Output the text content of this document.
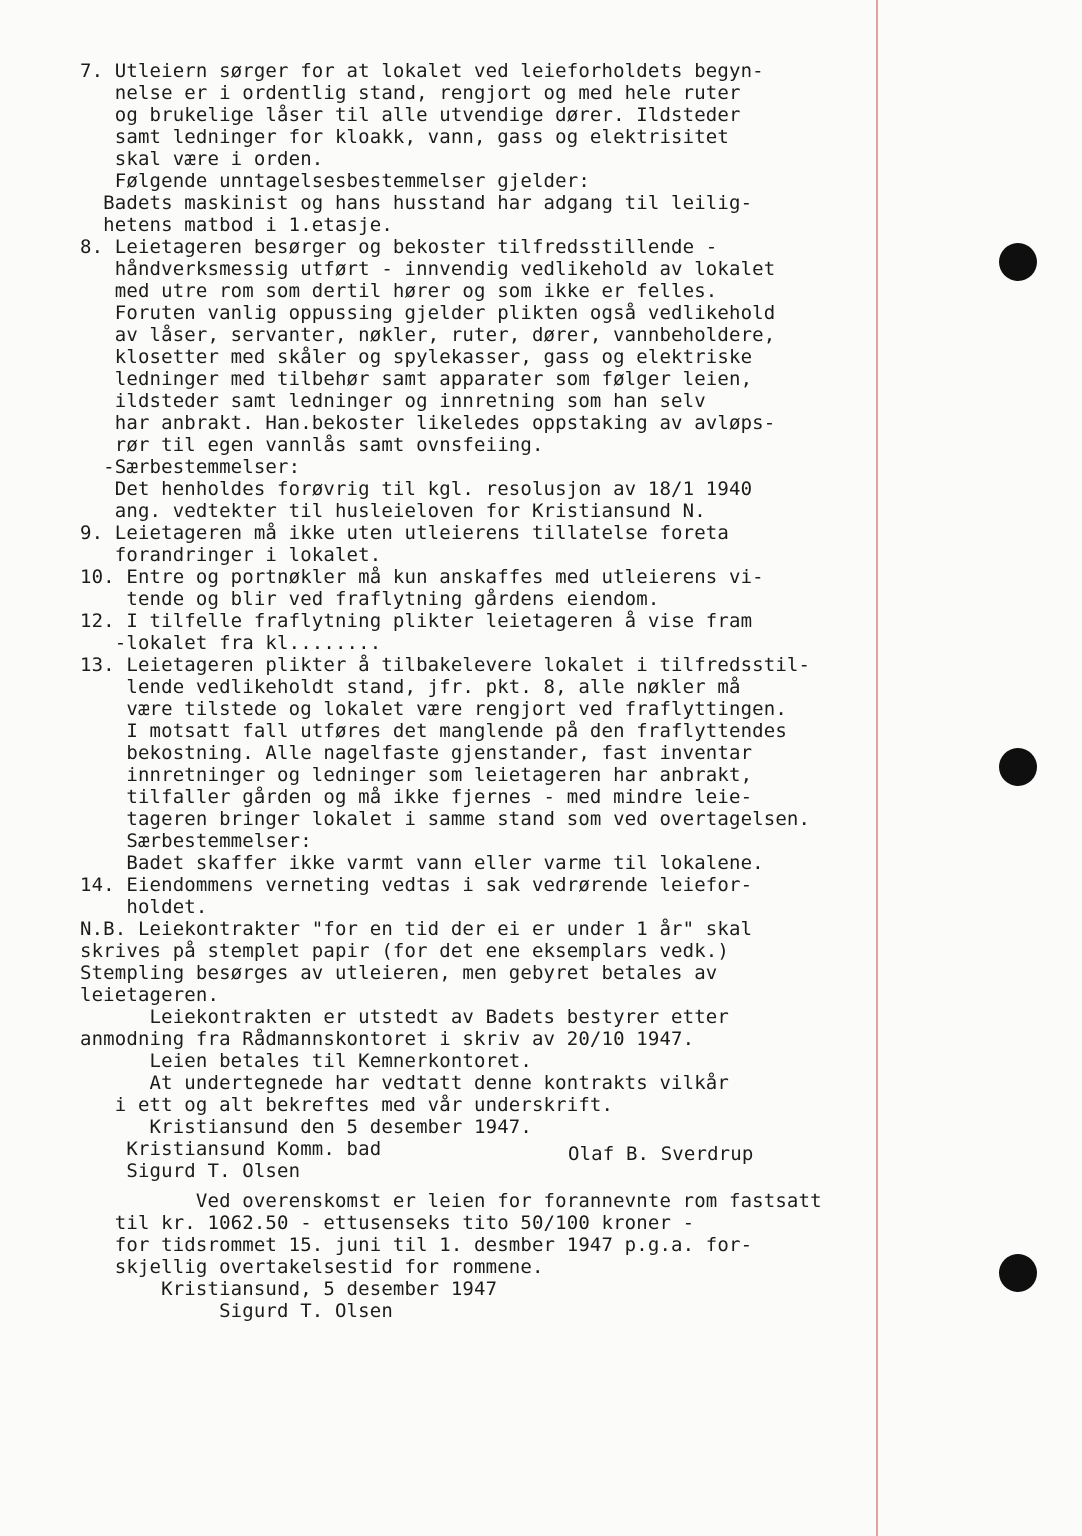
7. Utleiern sørger for at lokalet ved leieforholdets begyn-
nelse er i ordentlig stand, rengjort og med hele ruter
og brukelige låser til alle utvendige dører. Ildsteder
samt ledninger for kloakk, vann, gass og elektrisitet
skal være i orden.
Følgende unntagelsesbestemmelser gjelder:
Badets maskinist og hans husstand har adgang til leilig-
hetens matbod i 1.etasje.
8. Leietageren besørger og bekoster tilfredsstillende -
håndverksmessig utført - innvendig vedlikehold av lokalet
med utre rom som dertil hører og som ikke er felles.
Foruten vanlig oppussing gjelder plikten også vedlikehold
av låser, servanter, nøkler, ruter, dører, vannbeholdere,
klosetter med skåler og spylekasser, gass og elektriske
ledninger med tilbehør samt apparater som følger leien,
ildsteder samt ledninger og innretning som han selv
har anbrakt. Han.bekoster likeledes oppstaking av avløps-
rør til egen vannlås samt ovnsfeiing.
-Særbestemmelser:
Det henholdes forøvrig til kgl. resolusjon av 18/1 1940
ang. vedtekter til husleieloven for Kristiansund N.
9. Leietageren må ikke uten utleierens tillatelse foreta
forandringer i lokalet.
10. Entre og portnøkler må kun anskaffes med utleierens vi-
tende og blir ved fraflytning gårdens eiendom.
12. I tilfelle fraflytning plikter leietageren å vise fram
-lokalet fra kl........
13. Leietageren plikter å tilbakelevere lokalet i tilfredsstil-
lende vedlikeholdt stand, jfr. pkt. 8, alle nøkler må
være tilstede og lokalet være rengjort ved fraflyttingen.
I motsatt fall utføres det manglende på den fraflyttendes
bekostning. Alle nagelfaste gjenstander, fast inventar
innretninger og ledninger som leietageren har anbrakt,
tilfaller gården og må ikke fjernes - med mindre leie-
tageren bringer lokalet i samme stand som ved overtagelsen.
Særbestemmelser:
Badet skaffer ikke varmt vann eller varme til lokalene.
14. Eiendommens verneting vedtas i sak vedrørende leiefor-
holdet.
N.B. Leiekontrakter "for en tid der ei er under 1 år" skal
skrives på stemplet papir (for det ene eksemplars vedk.)
Stempling besørges av utleieren, men gebyret betales av
leietageren.
Leiekontrakten er utstedt av Badets bestyrer etter
anmodning fra Rådmannskontoret i skriv av 20/10 1947.
Leien betales til Kemnerkontoret.
At undertegnede har vedtatt denne kontrakts vilkår
i ett og alt bekreftes med vår underskrift.
Kristiansund den 5 desember 1947.
Kristiansund Komm. bad
Sigurd T. Olsen
Ved overenskomst er leien for forannevnte rom fastsatt
til kr. 1062.50 - ettusenseks tito 50/100 kroner -
for tidsrommet 15. juni til 1. desmber 1947 p.g.a. for-
skjellig overtakelsestid for rommene.
Kristiansund, 5 desember 1947
Sigurd T. Olsen
Olaf B. Sverdrup
